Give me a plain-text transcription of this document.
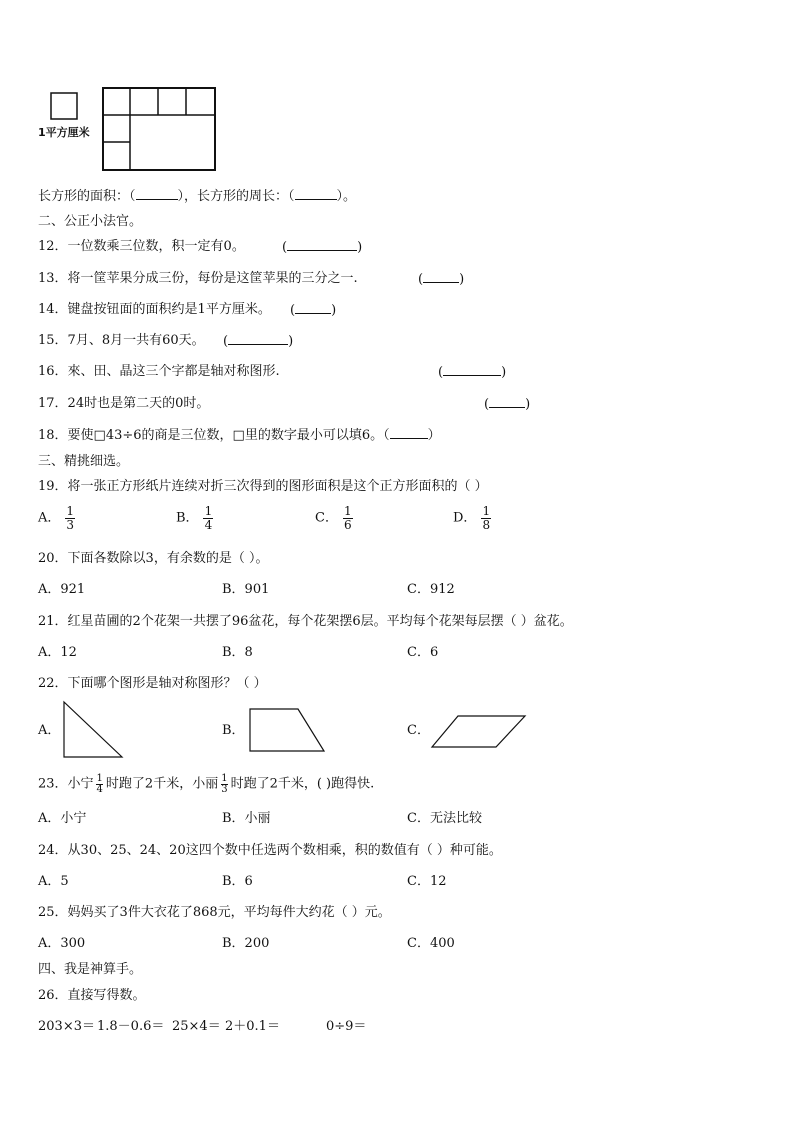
1平方厘米
长方形的面积：（	），长方形的周长：（	）。
二、公正小法官。
12．一位数乘三位数，积一定有0。	(	)
13．将一筐苹果分成三份，每份是这筐苹果的三分之一.	(	)
14．键盘按钮面的面积约是1平方厘米。 (	)
15．7月、8月一共有60天。 (	)
16．來、田、晶这三个字都是轴对称图形.	(	)
17．24时也是第二天的0时。	(	)
18．要使□43÷6的商是三位数，□里的数字最小可以填6。（	）
三、精挑细选。
19．将一张正方形纸片连续对折三次得到的图形面积是这个正方形面积的（ ）
A． $\frac{1}{3}$	B． $\frac{1}{4}$	C． $\frac{1}{6}$	D． $\frac{1}{8}$
20．下面各数除以3，有余数的是（ ）。
A．921	B．901	C．912
21．红星苗圃的2个花架一共摆了96盆花，每个花架摆6层。平均每个花架每层摆（ ）盆花。
A．12	B．8	C．6
22．下面哪个图形是轴对称图形？（ ）
A．	B．	C．
23．小宁 $\frac{1}{4}$ 时跑了2千米，小丽 $\frac{1}{3}$ 时跑了2千米，( )跑得快.
A．小宁	B．小丽	C．无法比较
24．从30、25、24、20这四个数中任选两个数相乘，积的数值有（ ）种可能。
A．5	B．6	C．12
25．妈妈买了3件大衣花了868元，平均每件大约花（ ）元。
A．300	B．200	C．400
四、我是神算手。
26．直接写得数。
203×3＝ 1.8－0.6＝ 25×4＝ 2＋0.1＝	0÷9＝
